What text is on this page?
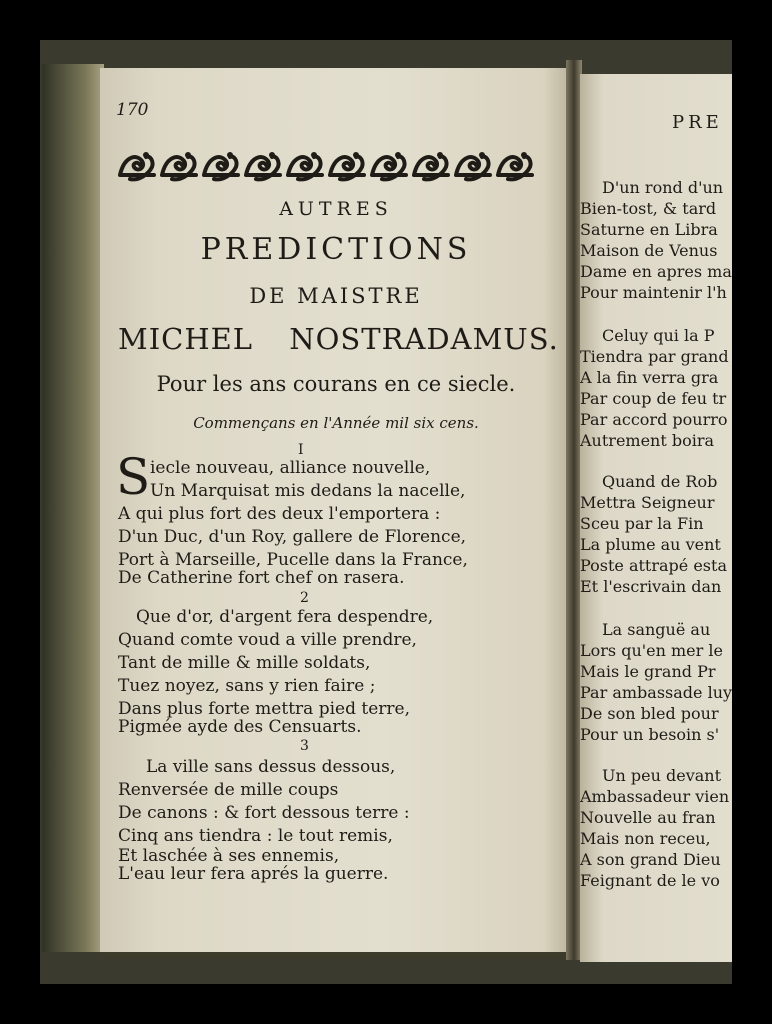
PRE
D'un rond d'un
Bien-tost, & tard
Saturne en Libra
Maison de Venus
Dame en apres ma
Pour maintenir l'h
Celuy qui la P
Tiendra par grand
A la fin verra gra
Par coup de feu tr
Par accord pourro
Autrement boira
Quand de Rob
Mettra Seigneur
Sceu par la Fin
La plume au vent
Poste attrapé esta
Et l'escrivain dan
La sanguë au
Lors qu'en mer le
Mais le grand Pr
Par ambassade luy
De son bled pour
Pour un besoin s'
Un peu devant
Ambassadeur vien
Nouvelle au fran
Mais non receu,
A son grand Dieu
Feignant de le vo
170
AUTRES
PREDICTIONS
DE MAISTRE
MICHEL NOSTRADAMUS.
Pour les ans courans en ce siecle.
Commençans en l'Année mil six cens.
I
S iecle nouveau, alliance nouvelle,
Un Marquisat mis dedans la nacelle,
A qui plus fort des deux l'emportera :
D'un Duc, d'un Roy, gallere de Florence,
Port à Marseille, Pucelle dans la France,
De Catherine fort chef on rasera.
2
Que d'or, d'argent fera despendre,
Quand comte voud a ville prendre,
Tant de mille & mille soldats,
Tuez noyez, sans y rien faire ;
Dans plus forte mettra pied terre,
Pigmée ayde des Censuarts.
3
La ville sans dessus dessous,
Renversée de mille coups
De canons : & fort dessous terre :
Cinq ans tiendra : le tout remis,
Et laschée à ses ennemis,
L'eau leur fera aprés la guerre.
